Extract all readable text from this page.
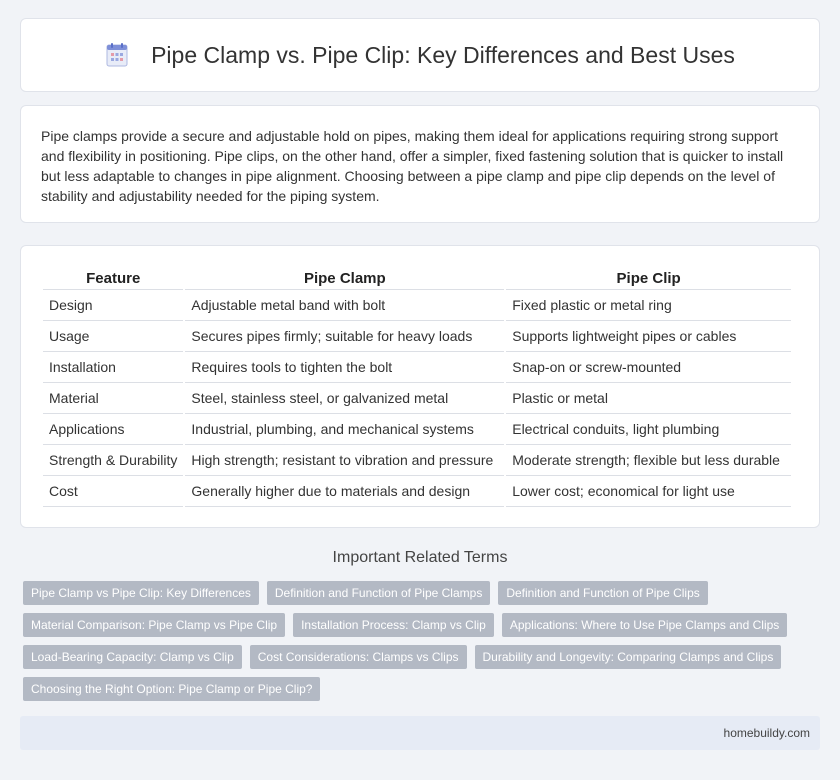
Pipe Clamp vs. Pipe Clip: Key Differences and Best Uses

Pipe clamps provide a secure and adjustable hold on pipes, making them ideal for applications requiring strong support and flexibility in positioning. Pipe clips, on the other hand, offer a simpler, fixed fastening solution that is quicker to install but less adaptable to changes in pipe alignment. Choosing between a pipe clamp and pipe clip depends on the level of stability and adjustability needed for the piping system.

Feature	Pipe Clamp	Pipe Clip
Design	Adjustable metal band with bolt	Fixed plastic or metal ring
Usage	Secures pipes firmly; suitable for heavy loads	Supports lightweight pipes or cables
Installation	Requires tools to tighten the bolt	Snap-on or screw-mounted
Material	Steel, stainless steel, or galvanized metal	Plastic or metal
Applications	Industrial, plumbing, and mechanical systems	Electrical conduits, light plumbing
Strength & Durability	High strength; resistant to vibration and pressure	Moderate strength; flexible but less durable
Cost	Generally higher due to materials and design	Lower cost; economical for light use
Important Related Terms
Pipe Clamp vs Pipe Clip: Key Differences	Definition and Function of Pipe Clamps	Definition and Function of Pipe Clips
Material Comparison: Pipe Clamp vs Pipe Clip	Installation Process: Clamp vs Clip	Applications: Where to Use Pipe Clamps and Clips
Load-Bearing Capacity: Clamp vs Clip	Cost Considerations: Clamps vs Clips	Durability and Longevity: Comparing Clamps and Clips
Choosing the Right Option: Pipe Clamp or Pipe Clip?
homebuildy.com
